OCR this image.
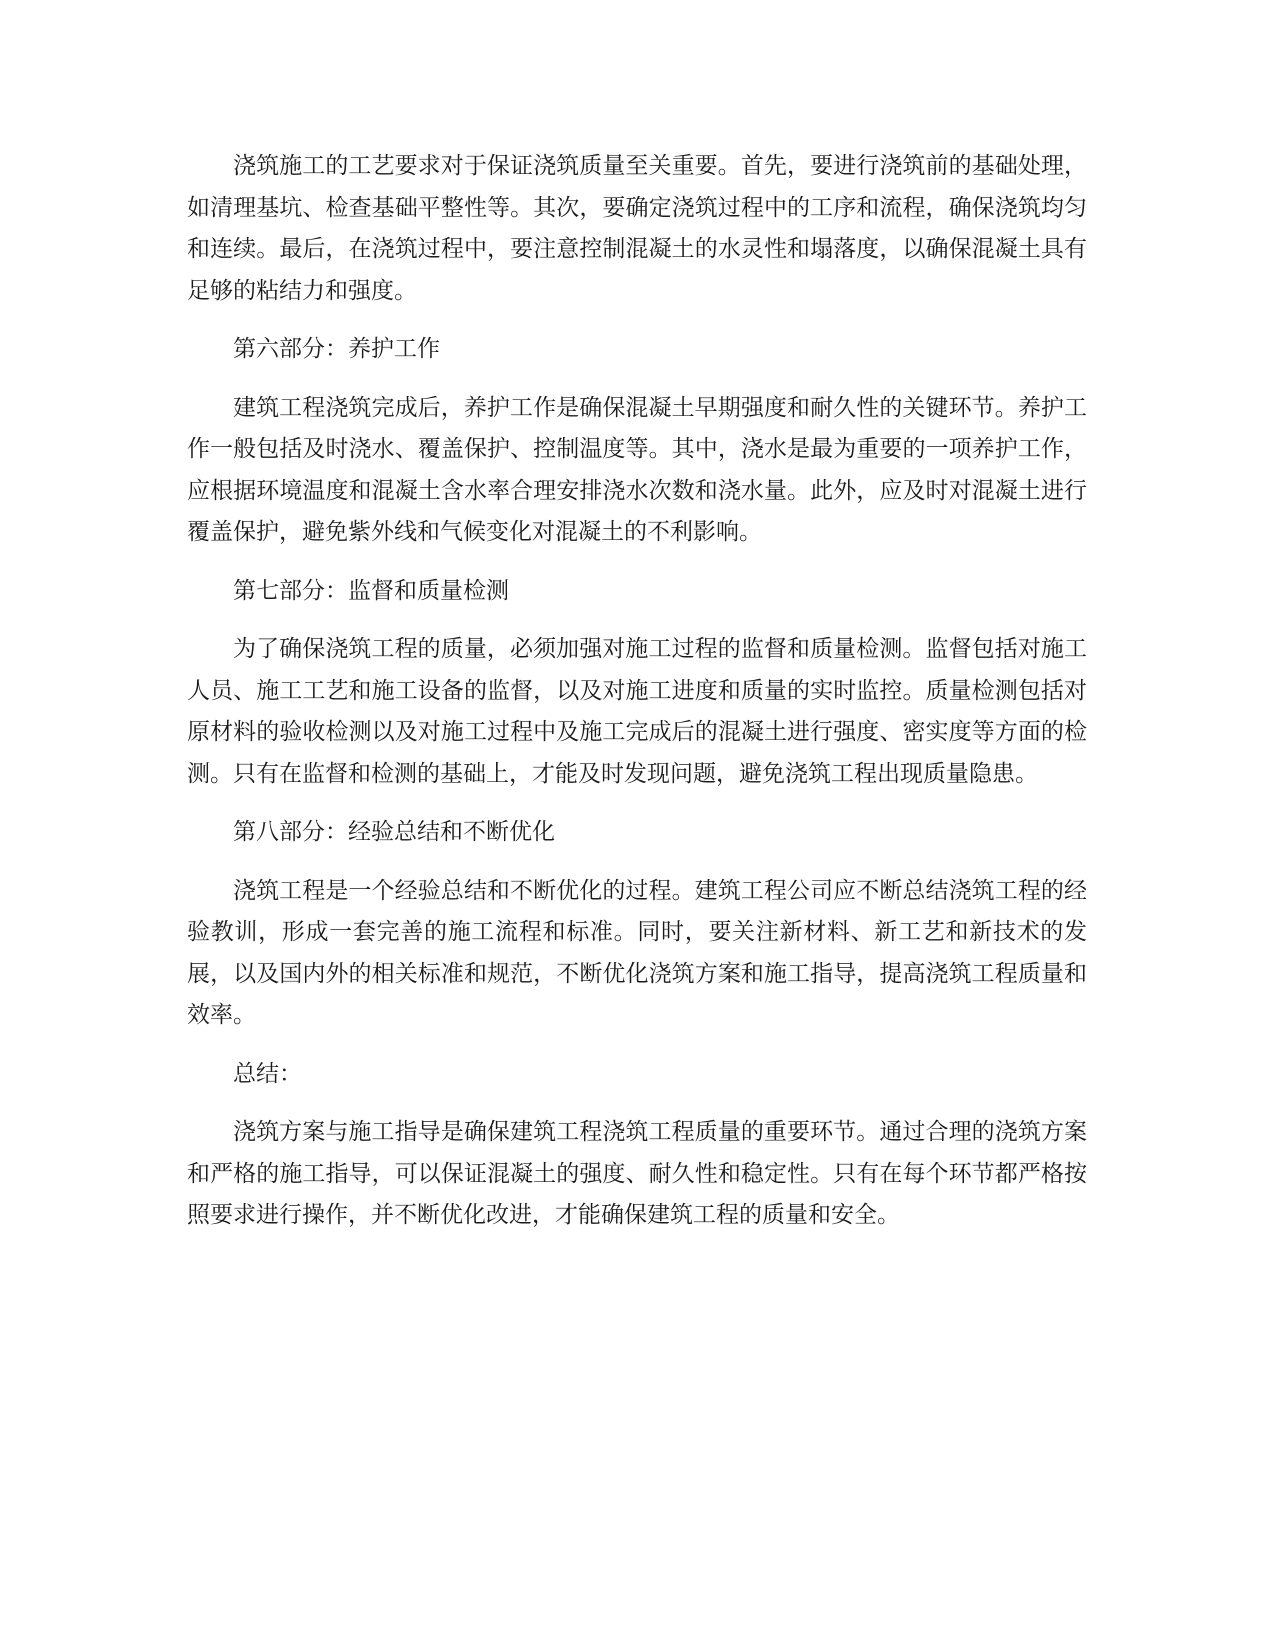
浇筑施工的工艺要求对于保证浇筑质量至关重要。首先，要进行浇筑前的基础处理，如清理基坑、检查基础平整性等。其次，要确定浇筑过程中的工序和流程，确保浇筑均匀和连续。最后，在浇筑过程中，要注意控制混凝土的水灵性和塌落度，以确保混凝土具有足够的粘结力和强度。

第六部分：养护工作

建筑工程浇筑完成后，养护工作是确保混凝土早期强度和耐久性的关键环节。养护工作一般包括及时浇水、覆盖保护、控制温度等。其中，浇水是最为重要的一项养护工作，应根据环境温度和混凝土含水率合理安排浇水次数和浇水量。此外，应及时对混凝土进行覆盖保护，避免紫外线和气候变化对混凝土的不利影响。

第七部分：监督和质量检测

为了确保浇筑工程的质量，必须加强对施工过程的监督和质量检测。监督包括对施工人员、施工工艺和施工设备的监督，以及对施工进度和质量的实时监控。质量检测包括对原材料的验收检测以及对施工过程中及施工完成后的混凝土进行强度、密实度等方面的检测。只有在监督和检测的基础上，才能及时发现问题，避免浇筑工程出现质量隐患。

第八部分：经验总结和不断优化

浇筑工程是一个经验总结和不断优化的过程。建筑工程公司应不断总结浇筑工程的经验教训，形成一套完善的施工流程和标准。同时，要关注新材料、新工艺和新技术的发展，以及国内外的相关标准和规范，不断优化浇筑方案和施工指导，提高浇筑工程质量和效率。

总结：

浇筑方案与施工指导是确保建筑工程浇筑工程质量的重要环节。通过合理的浇筑方案和严格的施工指导，可以保证混凝土的强度、耐久性和稳定性。只有在每个环节都严格按照要求进行操作，并不断优化改进，才能确保建筑工程的质量和安全。
